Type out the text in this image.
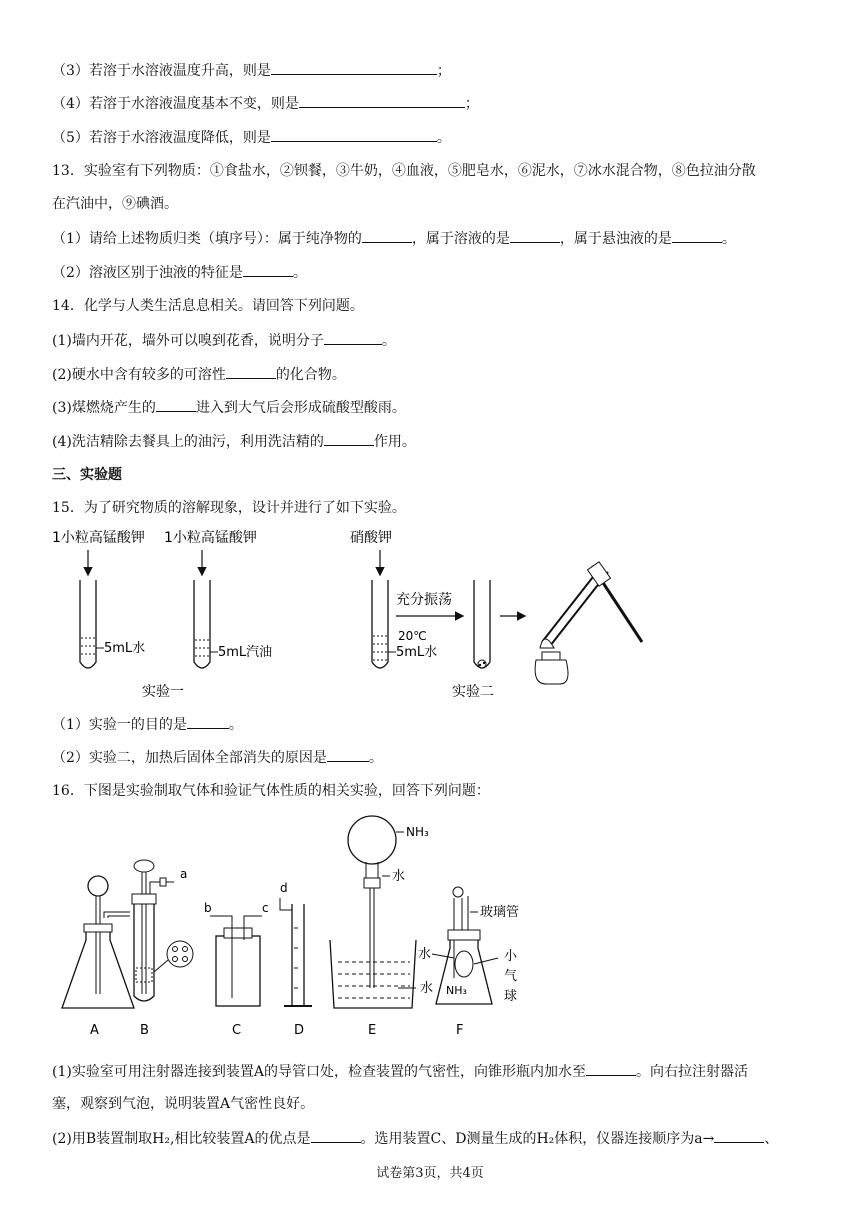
（3）若溶于水溶液温度升高，则是	；
（4）若溶于水溶液温度基本不变，则是	；
（5）若溶于水溶液温度降低，则是	。
13．实验室有下列物质：①食盐水，②钡餐，③牛奶，④血液，⑤肥皂水，⑥泥水，⑦冰水混合物，⑧色拉油分散
在汽油中，⑨碘酒。
（1）请给上述物质归类（填序号）：属于纯净物的	，属于溶液的是	，属于悬浊液的是	。
（2）溶液区别于浊液的特征是	。
14．化学与人类生活息息相关。请回答下列问题。
(1)墙内开花，墙外可以嗅到花香，说明分子	。
(2)硬水中含有较多的可溶性	的化合物。
(3)煤燃烧产生的	进入到大气后会形成硫酸型酸雨。
(4)洗洁精除去餐具上的油污，利用洗洁精的	作用。
三、实验题
15．为了研究物质的溶解现象，设计并进行了如下实验。
1小粒高锰酸钾
5mL水
1小粒高锰酸钾
5mL汽油
实验一
硝酸钾
5mL水
充分振荡
20℃
实验二
（1）实验一的目的是	。
（2）实验二，加热后固体全部消失的原因是	。
16．下图是实验制取气体和验证气体性质的相关实验，回答下列问题：
A
a
B
b	c
C
d
D
NH₃
水
水
E
玻璃管
水
NH₃
小
气
球
F
(1)实验室可用注射器连接到装置A的导管口处，检查装置的气密性，向锥形瓶内加水至	。向右拉注射器活
塞，观察到气泡，说明装置A气密性良好。
(2)用B装置制取H₂,相比较装置A的优点是	。选用装置C、D测量生成的H₂体积，仪器连接顺序为a→	、
试卷第3页，共4页
